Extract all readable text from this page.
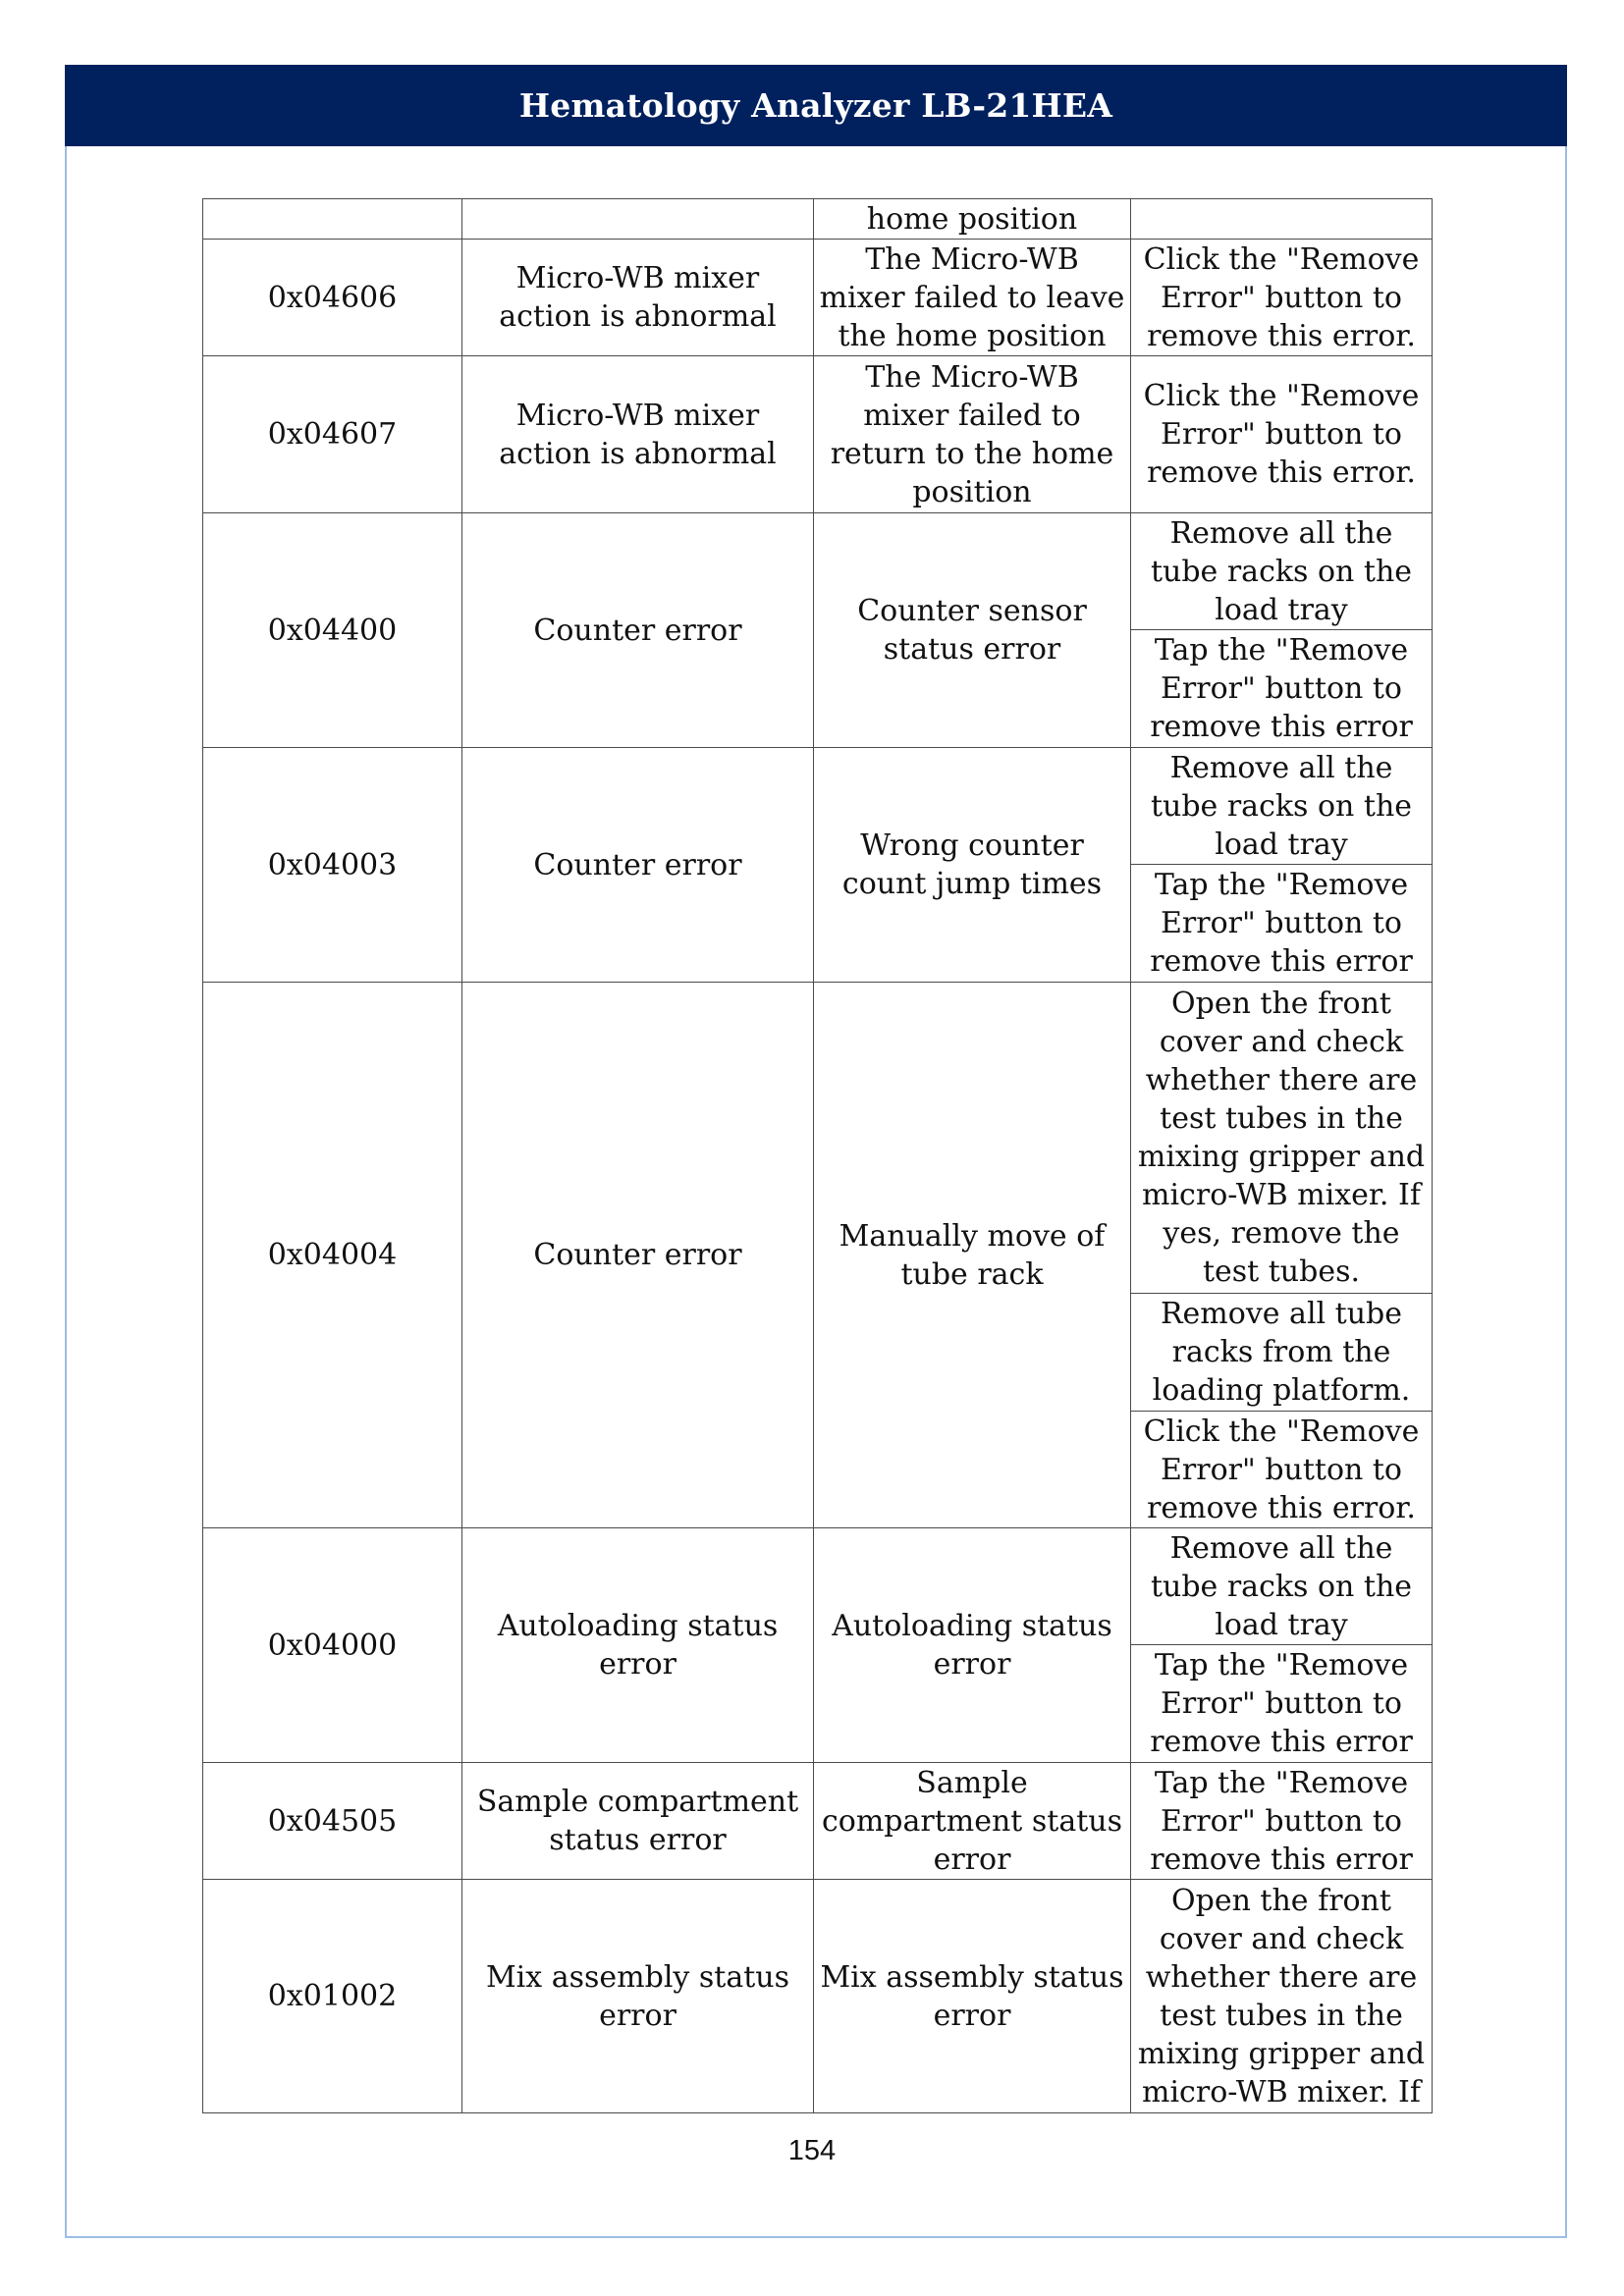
Hematology Analyzer LB-21HEA
		home position	
0x04606	Micro-WB mixer action is abnormal	The Micro-WB mixer failed to leave the home position	Click the "Remove Error" button to remove this error.
0x04607	Micro-WB mixer action is abnormal	The Micro-WB mixer failed to return to the home position	Click the "Remove Error" button to remove this error.
0x04400	Counter error	Counter sensor status error	Remove all the tube racks on the load tray
			Tap the "Remove Error" button to remove this error
0x04003	Counter error	Wrong counter count jump times	Remove all the tube racks on the load tray
			Tap the "Remove Error" button to remove this error
0x04004	Counter error	Manually move of tube rack	Open the front cover and check whether there are test tubes in the mixing gripper and micro-WB mixer. If yes, remove the test tubes.
			Remove all tube racks from the loading platform.
			Click the "Remove Error" button to remove this error.
0x04000	Autoloading status error	Autoloading status error	Remove all the tube racks on the load tray
			Tap the "Remove Error" button to remove this error
0x04505	Sample compartment status error	Sample compartment status error	Tap the "Remove Error" button to remove this error
0x01002	Mix assembly status error	Mix assembly status error	Open the front cover and check whether there are test tubes in the mixing gripper and micro-WB mixer. If
154
